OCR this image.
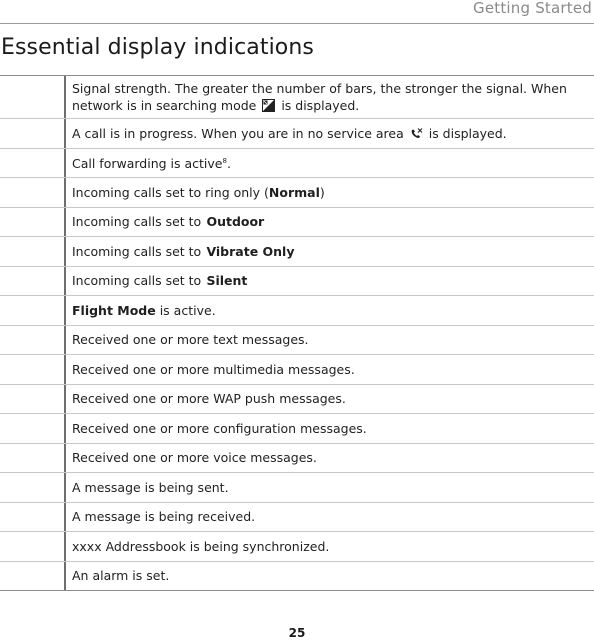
Getting Started
Essential display indications
Signal strength. The greater the number of bars, the stronger the signal. When network is in searching mode is displayed.
A call is in progress. When you are in no service area is displayed.
Call forwarding is active$^8$.
Incoming calls set to ring only (Normal)
Incoming calls set to  Outdoor
Incoming calls set to  Vibrate Only
Incoming calls set to  Silent
Flight Mode is active.
Received one or more text messages.
Received one or more multimedia messages.
Received one or more WAP push messages.
Received one or more configuration messages.
Received one or more voice messages.
A message is being sent.
A message is being received.
xxxx Addressbook is being synchronized.
An alarm is set.
25
